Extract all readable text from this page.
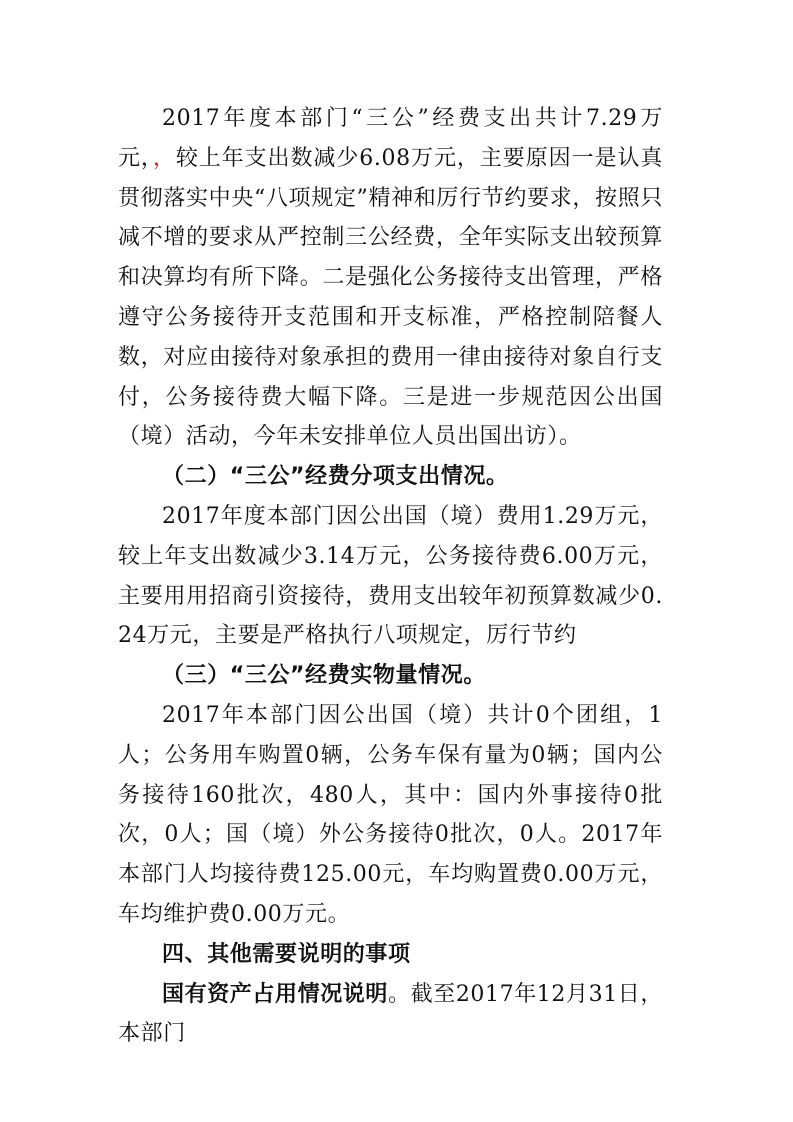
2017年度本部门“三公”经费支出共计7.29万元，，较上年支出数减少6.08万元，主要原因一是认真贯彻落实中央“八项规定”精神和厉行节约要求，按照只减不增的要求从严控制三公经费，全年实际支出较预算和决算均有所下降。二是强化公务接待支出管理，严格遵守公务接待开支范围和开支标准，严格控制陪餐人数，对应由接待对象承担的费用一律由接待对象自行支付，公务接待费大幅下降。三是进一步规范因公出国（境）活动，今年未安排单位人员出国出访）。

（二）“三公”经费分项支出情况。

2017年度本部门因公出国（境）费用1.29万元，较上年支出数减少3.14万元，公务接待费6.00万元，主要用用招商引资接待，费用支出较年初预算数减少0.24万元，主要是严格执行八项规定，厉行节约

（三）“三公”经费实物量情况。

2017年本部门因公出国（境）共计0个团组，1人；公务用车购置0辆，公务车保有量为0辆；国内公务接待160批次，480人，其中：国内外事接待0批次，0人；国（境）外公务接待0批次，0人。2017年本部门人均接待费125.00元，车均购置费0.00万元，车均维护费0.00万元。

四、其他需要说明的事项

国有资产占用情况说明。截至2017年12月31日，本部门
